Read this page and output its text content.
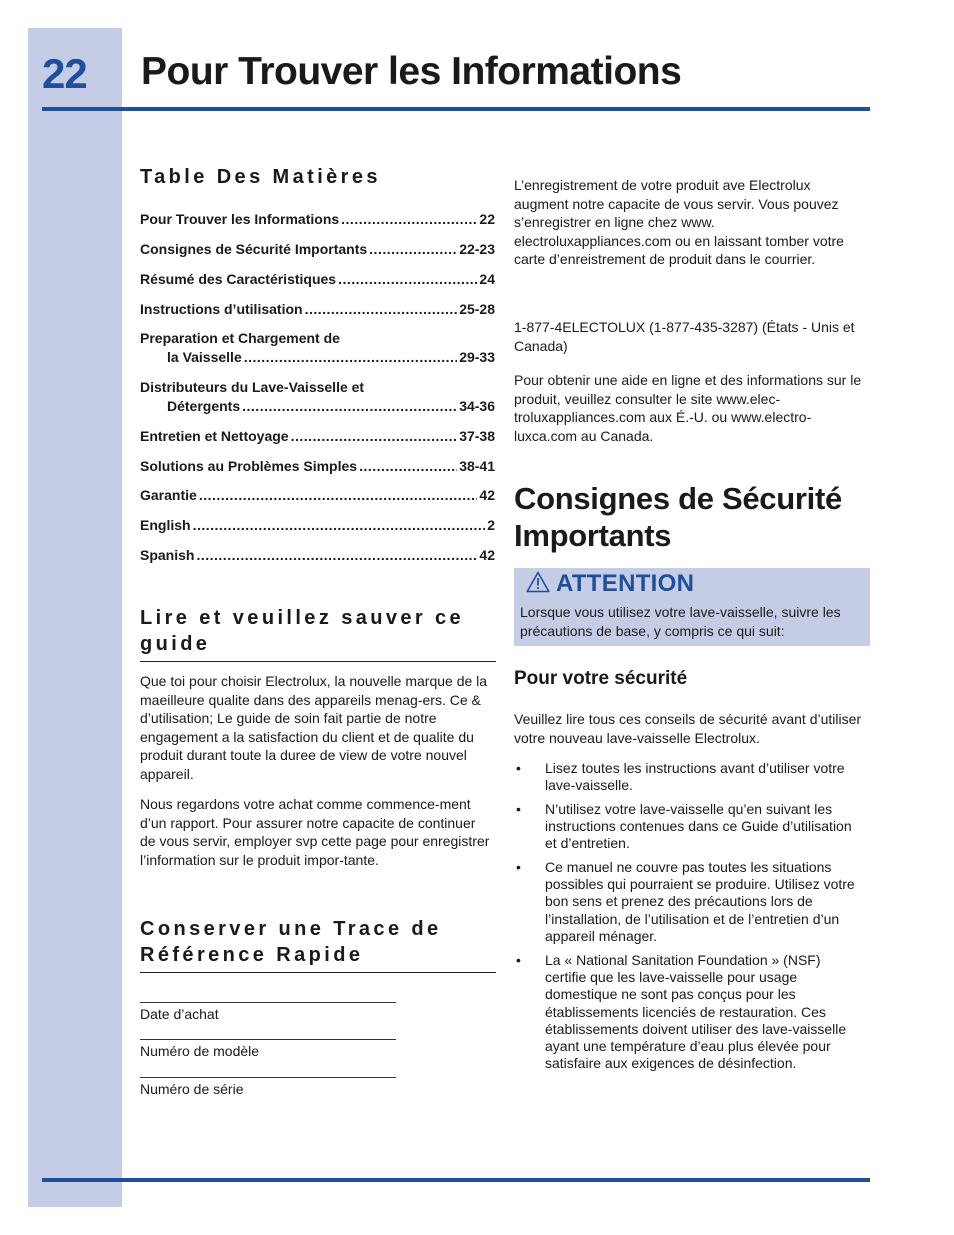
22 Pour Trouver les Informations
Table Des Matières
Pour Trouver les Informations .....	22
Consignes de Sécurité Importants .....	22-23
Résumé des Caractéristiques .....	24
Instructions d’utilisation .....	25-28
Preparation et Chargement de
la Vaisselle .....	29-33
Distributeurs du Lave-Vaisselle et
Détergents .....	34-36
Entretien et Nettoyage .....	37-38
Solutions au Problèmes Simples .....	38-41
Garantie .....	42
English .....	2
Spanish .....	42
Lire et veuillez sauver ce guide
Que toi pour choisir Electrolux, la nouvelle marque de la maeilleure qualite dans des appareils menag-ers. Ce & d’utilisation; Le guide de soin fait partie de notre engagement a la satisfaction du client et de qualite du produit durant toute la duree de view de votre nouvel appareil.
Nous regardons votre achat comme commence-ment d’un rapport. Pour assurer notre capacite de continuer de vous servir, employer svp cette page pour enregistrer l’information sur le produit impor-tante.
Conserver une Trace de Référence Rapide
Date d’achat
Numéro de modèle
Numéro de série
L’enregistrement de votre produit ave Electrolux augment notre capacite de vous servir. Vous pouvez s’enregistrer en ligne chez www. electroluxappliances.com ou en laissant tomber votre carte d’enreistrement de produit dans le courrier.
1-877-4ELECTOLUX (1-877-435-3287) (États - Unis et Canada)
Pour obtenir une aide en ligne et des informations sur le produit, veuillez consulter le site www.elec-troluxappliances.com aux É.-U. ou www.electro-luxca.com au Canada.
Consignes de Sécurité Importants
ATTENTION
Lorsque vous utilisez votre lave-vaisselle, suivre les précautions de base, y compris ce qui suit:
Pour votre sécurité
Veuillez lire tous ces conseils de sécurité avant d’utiliser votre nouveau lave-vaisselle Electrolux.
•	Lisez toutes les instructions avant d’utiliser votre lave-vaisselle.
•	N’utilisez votre lave-vaisselle qu’en suivant les instructions contenues dans ce Guide d’utilisation et d’entretien.
•	Ce manuel ne couvre pas toutes les situations possibles qui pourraient se produire. Utilisez votre bon sens et prenez des précautions lors de l’installation, de l’utilisation et de l’entretien d’un appareil ménager.
•	La « National Sanitation Foundation » (NSF) certifie que les lave-vaisselle pour usage domestique ne sont pas conçus pour les établissements licenciés de restauration. Ces établissements doivent utiliser des lave-vaisselle ayant une température d’eau plus élevée pour satisfaire aux exigences de désinfection.
